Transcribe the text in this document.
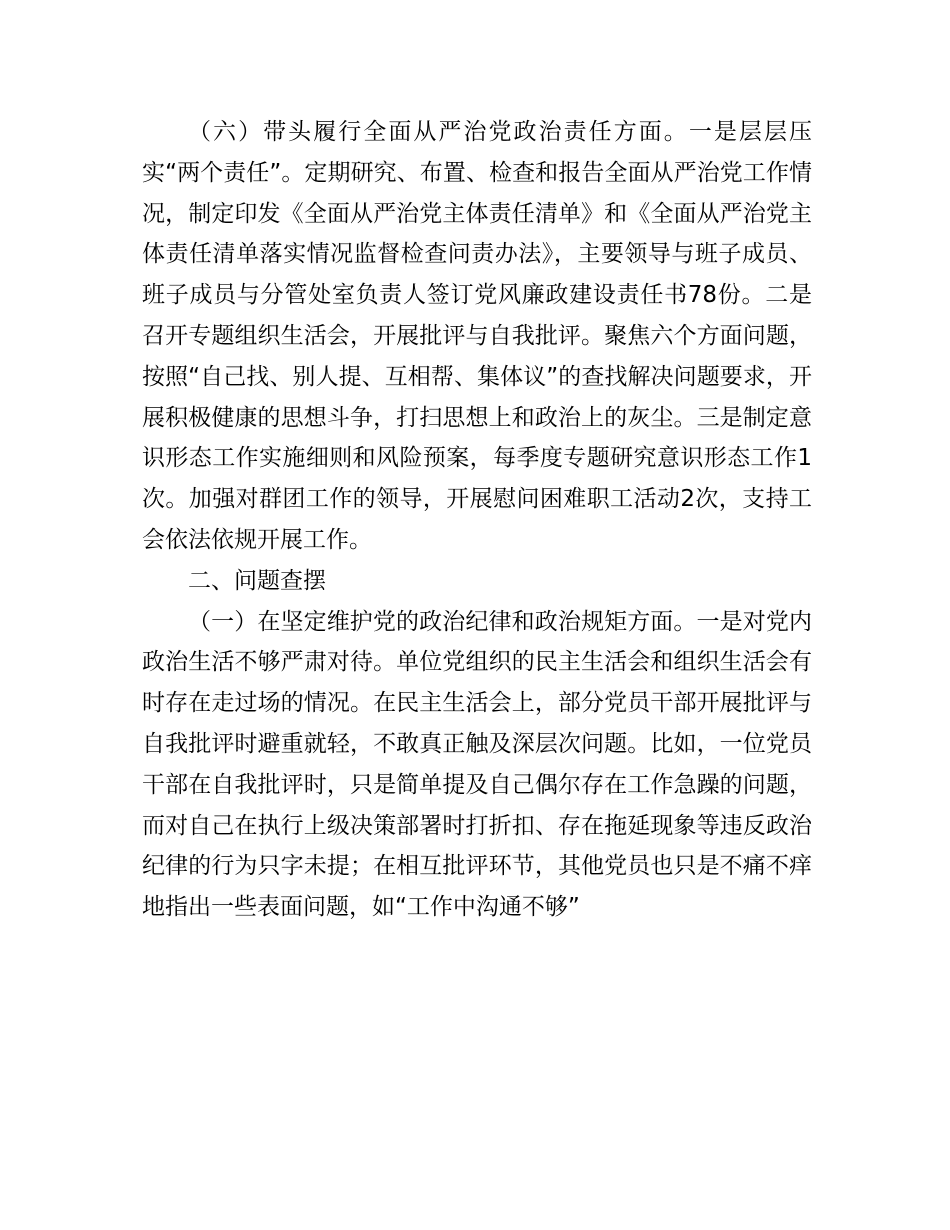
（六）带头履行全面从严治党政治责任方面。一是层层压实“两个责任”。定期研究、布置、检查和报告全面从严治党工作情况，制定印发《全面从严治党主体责任清单》和《全面从严治党主体责任清单落实情况监督检查问责办法》，主要领导与班子成员、班子成员与分管处室负责人签订党风廉政建设责任书78份。二是召开专题组织生活会，开展批评与自我批评。聚焦六个方面问题，按照“自己找、别人提、互相帮、集体议”的查找解决问题要求，开展积极健康的思想斗争，打扫思想上和政治上的灰尘。三是制定意识形态工作实施细则和风险预案，每季度专题研究意识形态工作1次。加强对群团工作的领导，开展慰问困难职工活动2次，支持工会依法依规开展工作。

二、问题查摆

（一）在坚定维护党的政治纪律和政治规矩方面。一是对党内政治生活不够严肃对待。单位党组织的民主生活会和组织生活会有时存在走过场的情况。在民主生活会上，部分党员干部开展批评与自我批评时避重就轻，不敢真正触及深层次问题。比如，一位党员干部在自我批评时，只是简单提及自己偶尔存在工作急躁的问题，而对自己在执行上级决策部署时打折扣、存在拖延现象等违反政治纪律的行为只字未提；在相互批评环节，其他党员也只是不痛不痒地指出一些表面问题，如“工作中沟通不够”
